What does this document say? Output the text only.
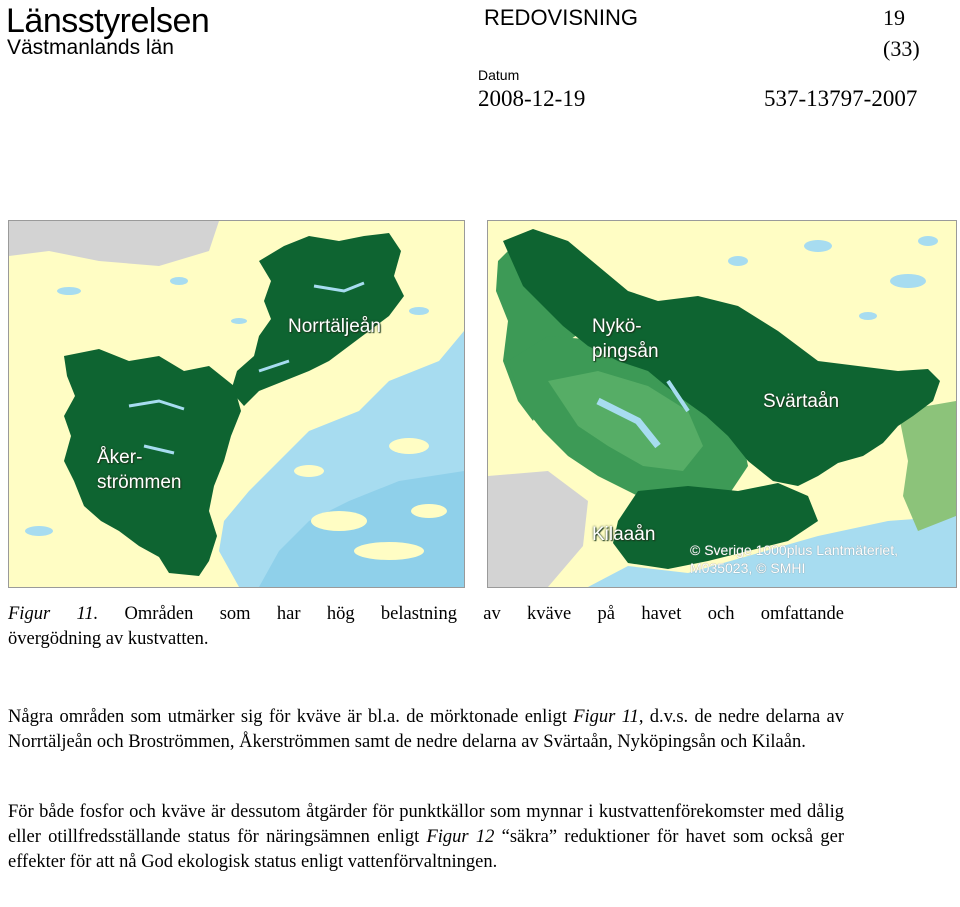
Länsstyrelsen
Västmanlands län
REDOVISNING	19
(33)
Datum
2008-12-19	537-13797-2007
Norrtäljeån
Åker-
strömmen
Nykö-
pingsån
Svärtaån
Kilaaån
© Sverige 1000plus Lantmäteriet,
M035023, © SMHI
Figur 11. Områden som har hög belastning av kväve på havet och omfattande
övergödning av kustvatten.
Några områden som utmärker sig för kväve är bl.a. de mörktonade enligt Figur 11, d.v.s. de nedre delarna av Norrtäljeån och Broströmmen, Åkerströmmen samt de nedre delarna av Svärtaån, Nyköpingsån och Kilaån.
För både fosfor och kväve är dessutom åtgärder för punktkällor som mynnar i kustvattenförekomster med dålig eller otillfredsställande status för näringsämnen enligt Figur 12 “säkra” reduktioner för havet som också ger effekter för att nå God ekologisk status enligt vattenförvaltningen.
